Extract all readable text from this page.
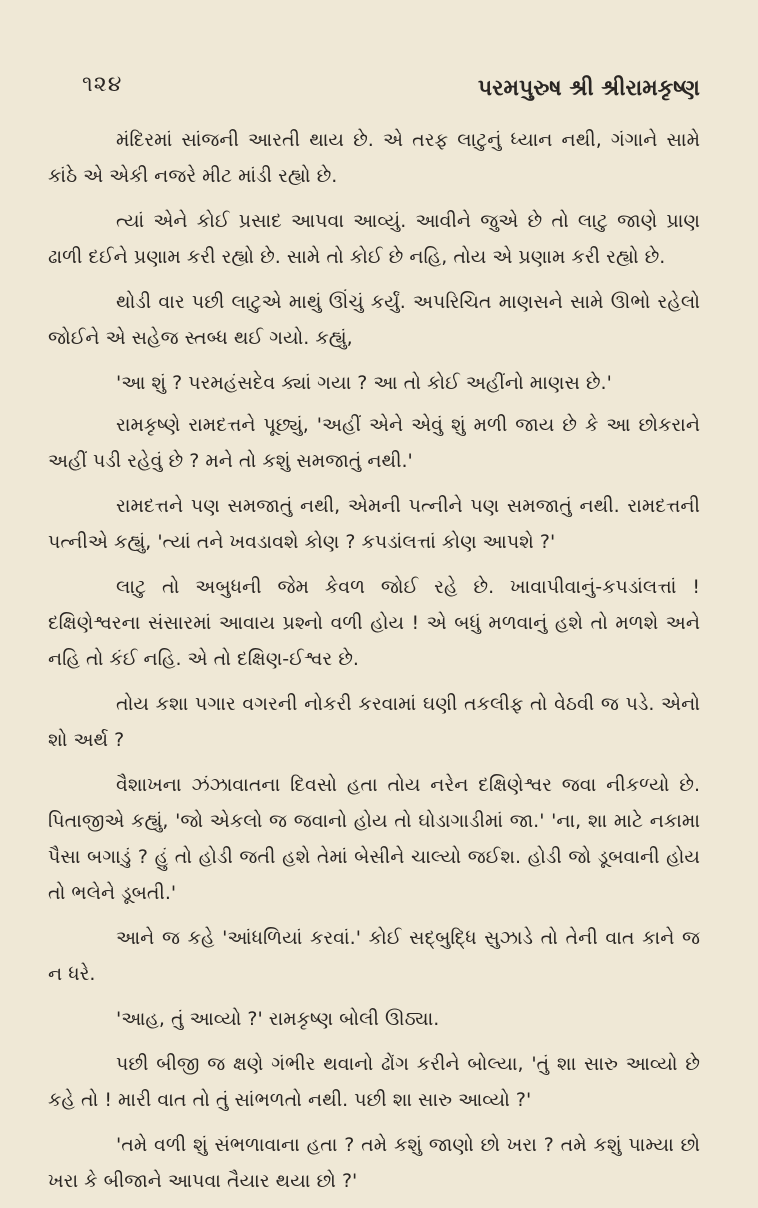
૧૨૪	પરમપુરુષ શ્રી શ્રીરામકૃષ્ણ

મંદિરમાં સાંજની આરતી થાય છે. એ તરફ લાટુનું ધ્યાન નથી, ગંગાને સામે કાંઠે એ એકી નજરે મીટ માંડી રહ્યો છે.

ત્યાં એને કોઈ પ્રસાદ આપવા આવ્યું. આવીને જુએ છે તો લાટુ જાણે પ્રાણ ઢાળી દઈને પ્રણામ કરી રહ્યો છે. સામે તો કોઈ છે નહિ, તોય એ પ્રણામ કરી રહ્યો છે.

થોડી વાર પછી લાટુએ માથું ઊંચું કર્યું. અપરિચિત માણસને સામે ઊભો રહેલો જોઈને એ સહેજ સ્તબ્ધ થઈ ગયો. કહ્યું,

'આ શું ? પરમહંસદેવ ક્યાં ગયા ? આ તો કોઈ અહીંનો માણસ છે.'

રામકૃષ્ણે રામદત્તને પૂછ્યું, 'અહીં એને એવું શું મળી જાય છે કે આ છોકરાને અહીં પડી રહેવું છે ? મને તો કશું સમજાતું નથી.'

રામદત્તને પણ સમજાતું નથી, એમની પત્નીને પણ સમજાતું નથી. રામદત્તની પત્નીએ કહ્યું, 'ત્યાં તને ખવડાવશે કોણ ? કપડાંલત્તાં કોણ આપશે ?'

લાટુ તો અબુધની જેમ કેવળ જોઈ રહે છે. ખાવાપીવાનું-કપડાંલત્તાં ! દક્ષિણેશ્વરના સંસારમાં આવાય પ્રશ્નો વળી હોય ! એ બધું મળવાનું હશે તો મળશે અને નહિ તો કંઈ નહિ. એ તો દક્ષિણ-ઈશ્વર છે.

તોય કશા પગાર વગરની નોકરી કરવામાં ઘણી તકલીફ તો વેઠવી જ પડે. એનો શો અર્થ ?

વૈશાખના ઝંઝાવાતના દિવસો હતા તોય નરેન દક્ષિણેશ્વર જવા નીકળ્યો છે. પિતાજીએ કહ્યું, 'જો એકલો જ જવાનો હોય તો ઘોડાગાડીમાં જા.' 'ના, શા માટે નકામા પૈસા બગાડું ? હું તો હોડી જતી હશે તેમાં બેસીને ચાલ્યો જઈશ. હોડી જો ડૂબવાની હોય તો ભલેને ડૂબતી.'

આને જ કહે 'આંધળિયાં કરવાં.' કોઈ સદ્‌બુદ્ધિ સુઝાડે તો તેની વાત કાને જ ન ધરે.

'આહ, તું આવ્યો ?' રામકૃષ્ણ બોલી ઊઠ્યા.

પછી બીજી જ ક્ષણે ગંભીર થવાનો ઢોંગ કરીને બોલ્યા, 'તું શા સારુ આવ્યો છે કહે તો ! મારી વાત તો તું સાંભળતો નથી. પછી શા સારુ આવ્યો ?'

'તમે વળી શું સંભળાવાના હતા ? તમે કશું જાણો છો ખરા ? તમે કશું પામ્યા છો ખરા કે બીજાને આપવા તૈયાર થયા છો ?'
